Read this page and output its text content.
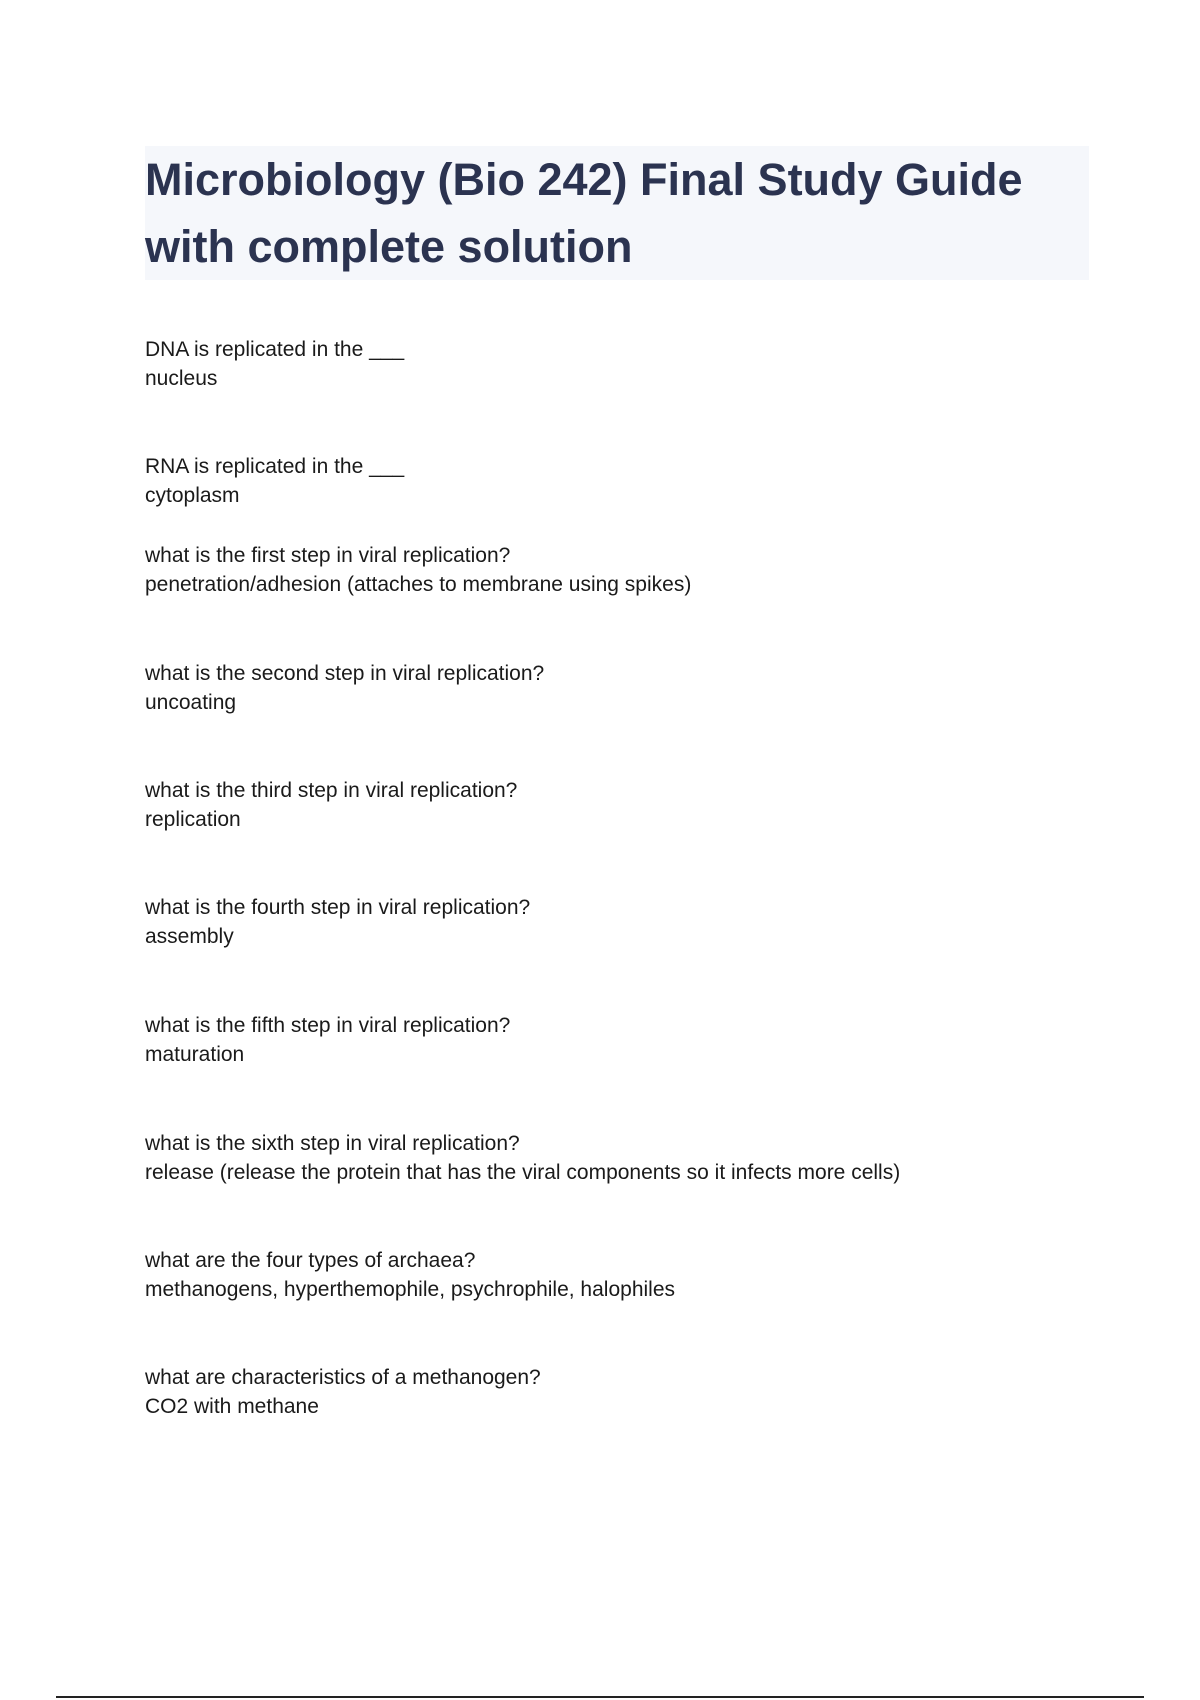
Microbiology (Bio 242) Final Study Guide
with complete solution
DNA is replicated in the ___
nucleus
RNA is replicated in the ___
cytoplasm
what is the first step in viral replication?
penetration/adhesion (attaches to membrane using spikes)
what is the second step in viral replication?
uncoating
what is the third step in viral replication?
replication
what is the fourth step in viral replication?
assembly
what is the fifth step in viral replication?
maturation
what is the sixth step in viral replication?
release (release the protein that has the viral components so it infects more cells)
what are the four types of archaea?
methanogens, hyperthemophile, psychrophile, halophiles
what are characteristics of a methanogen?
CO2 with methane
